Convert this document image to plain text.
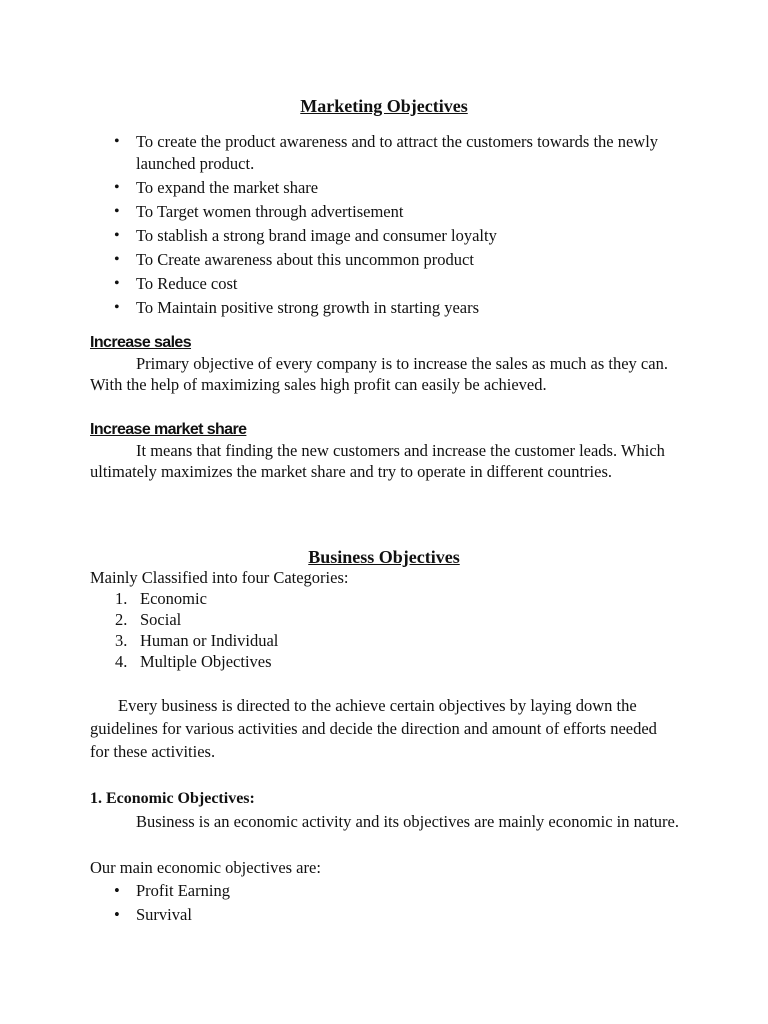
Marketing Objectives
• To create the product awareness and to attract the customers towards the newly launched product.
• To expand the market share
• To Target women through advertisement
• To stablish a strong brand image and consumer loyalty
• To Create awareness about this uncommon product
• To Reduce cost
• To Maintain positive strong growth in starting years
Increase sales

Primary objective of every company is to increase the sales as much as they can. With the help of maximizing sales high profit can easily be achieved.

Increase market share

It means that finding the new customers and increase the customer leads. Which ultimately maximizes the market share and try to operate in different countries.

Business Objectives
Mainly Classified into four Categories:
1. Economic
2. Social
3. Human or Individual
4. Multiple Objectives

Every business is directed to the achieve certain objectives by laying down the guidelines for various activities and decide the direction and amount of efforts needed for these activities.

1. Economic Objectives:

Business is an economic activity and its objectives are mainly economic in nature.

Our main economic objectives are:
• Profit Earning
• Survival
